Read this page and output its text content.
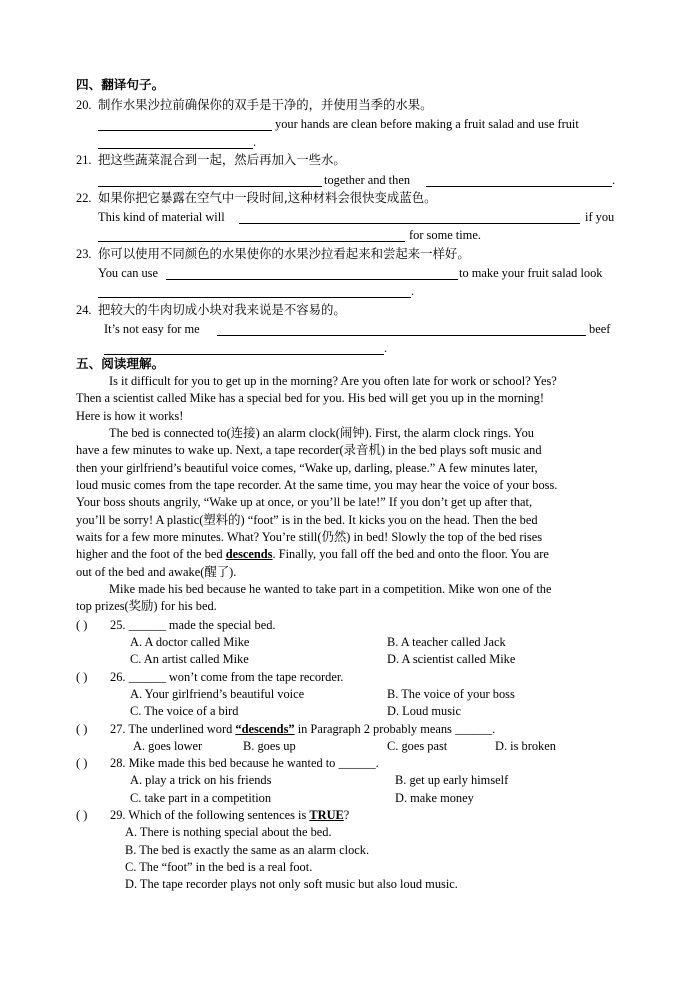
四、翻译句子。
20. 制作水果沙拉前确保你的双手是干净的，并使用当季的水果。
your hands are clean before making a fruit salad and use fruit
.
21. 把这些蔬菜混合到一起，然后再加入一些水。
together and then	.
22. 如果你把它暴露在空气中一段时间,这种材料会很快变成蓝色。
This kind of material will	if you
for some time.
23. 你可以使用不同颜色的水果使你的水果沙拉看起来和尝起来一样好。
You can use	to make your fruit salad look
.
24. 把较大的牛肉切成小块对我来说是不容易的。
It’s not easy for me	beef
.
五、阅读理解。
Is it difficult for you to get up in the morning? Are you often late for work or school? Yes?
Then a scientist called Mike has a special bed for you. His bed will get you up in the morning!
Here is how it works!
The bed is connected to(连接) an alarm clock(闹钟). First, the alarm clock rings. You
have a few minutes to wake up. Next, a tape recorder(录音机) in the bed plays soft music and
then your girlfriend’s beautiful voice comes, “Wake up, darling, please.” A few minutes later,
loud music comes from the tape recorder. At the same time, you may hear the voice of your boss.
Your boss shouts angrily, “Wake up at once, or you’ll be late!” If you don’t get up after that,
you’ll be sorry! A plastic(塑料的) “foot” is in the bed. It kicks you on the head. Then the bed
waits for a few more minutes. What? You’re still(仍然) in bed! Slowly the top of the bed rises
higher and the foot of the bed descends. Finally, you fall off the bed and onto the floor. You are
out of the bed and awake(醒了).
Mike made his bed because he wanted to take part in a competition. Mike won one of the
top prizes(奖励) for his bed.
( ) 25. ______ made the special bed.
A. A doctor called Mike	B. A teacher called Jack
C. An artist called Mike	D. A scientist called Mike
( ) 26. ______ won’t come from the tape recorder.
A. Your girlfriend’s beautiful voice	B. The voice of your boss
C. The voice of a bird	D. Loud music
( ) 27. The underlined word “descends” in Paragraph 2 probably means ______.
A. goes lower	B. goes up	C. goes past	D. is broken
( ) 28. Mike made this bed because he wanted to ______.
A. play a trick on his friends	B. get up early himself
C. take part in a competition	D. make money
( ) 29. Which of the following sentences is TRUE?
A. There is nothing special about the bed.
B. The bed is exactly the same as an alarm clock.
C. The “foot” in the bed is a real foot.
D. The tape recorder plays not only soft music but also loud music.
